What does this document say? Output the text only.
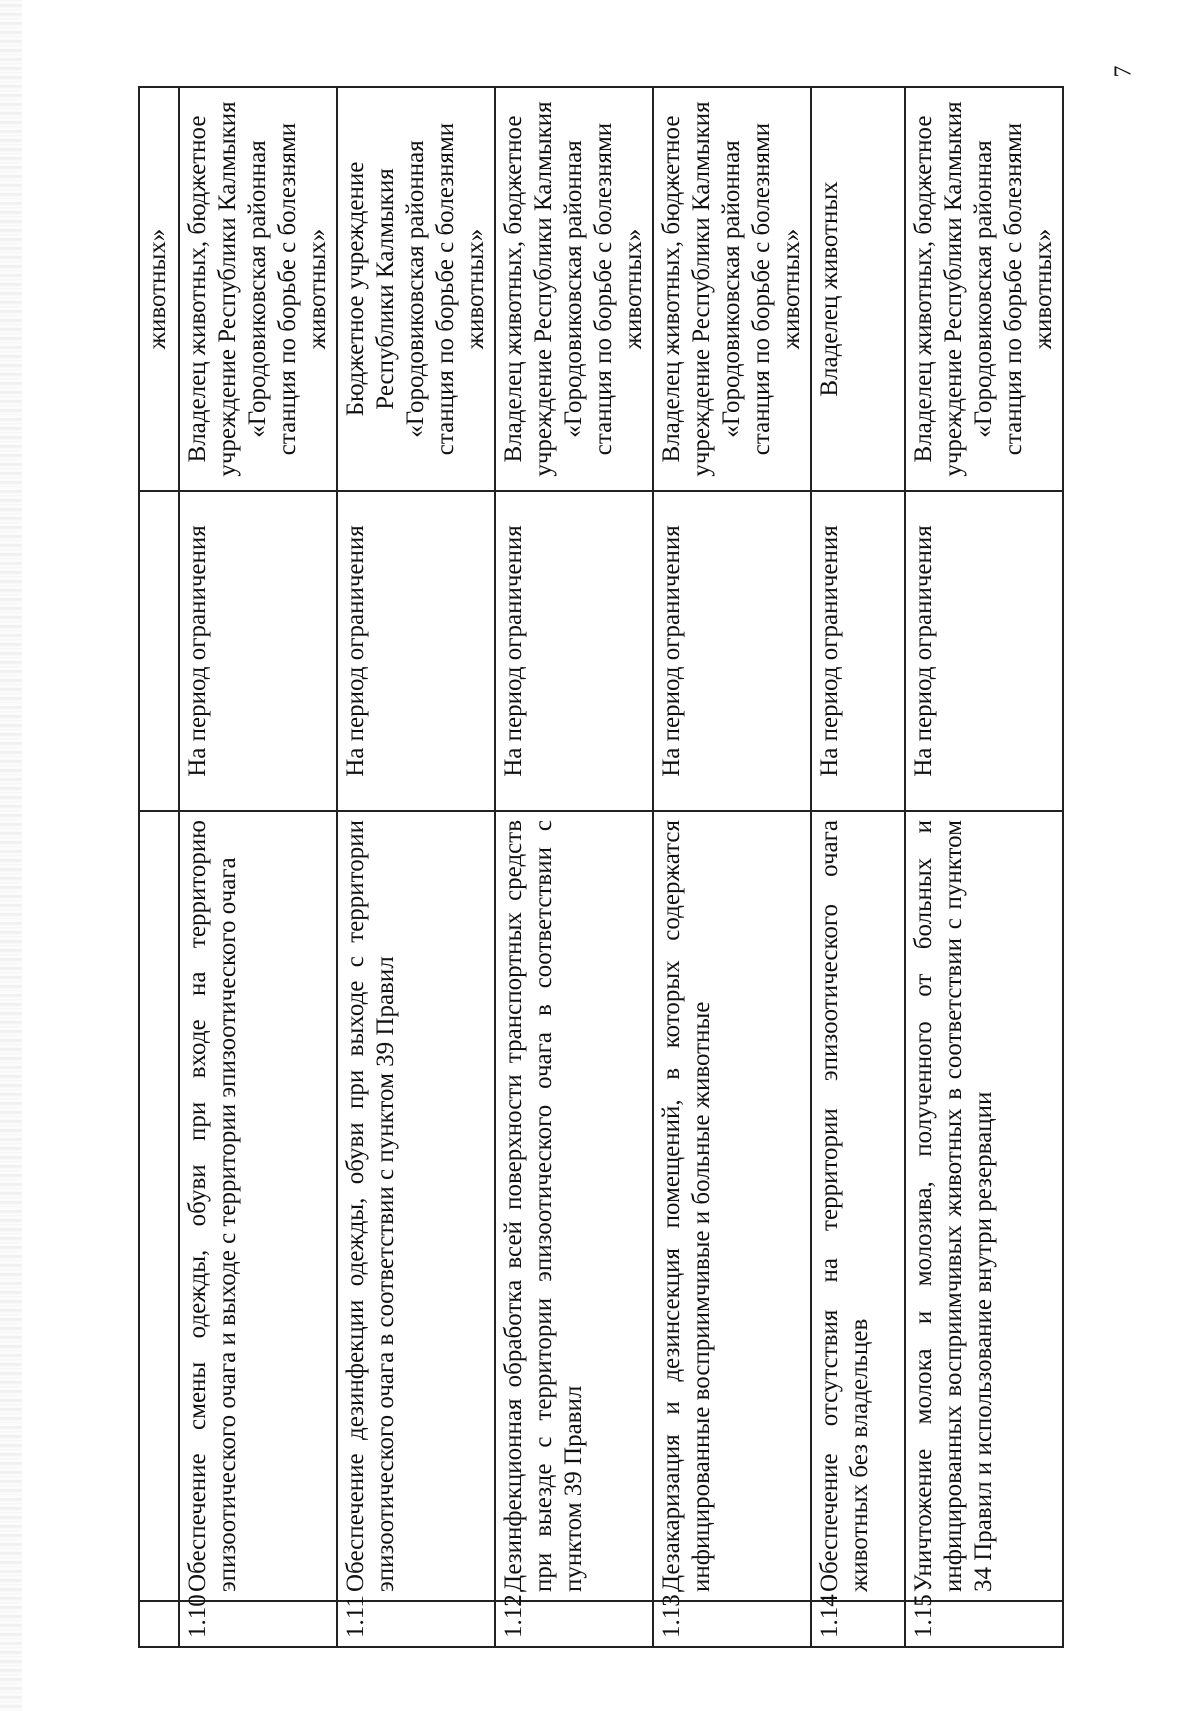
			животных»
1.10	Обеспечение смены одежды, обуви при входе на территорию эпизоотического очага и выходе с территории эпизоотического очага	На период ограничения	Владелец животных, бюджетное учреждение Республики Калмыкия «Городовиковская районная станция по борьбе с болезнями животных»
1.11	Обеспечение дезинфекции одежды, обуви при выходе с территории эпизоотического очага в соответствии с пунктом 39 Правил	На период ограничения	Бюджетное учреждение Республики Калмыкия «Городовиковская районная станция по борьбе с болезнями животных»
1.12	Дезинфекционная обработка всей поверхности транспортных средств при выезде с территории эпизоотического очага в соответствии с пунктом 39 Правил	На период ограничения	Владелец животных, бюджетное учреждение Республики Калмыкия «Городовиковская районная станция по борьбе с болезнями животных»
1.13	Дезакаризация и дезинсекция помещений, в которых содержатся инфицированные восприимчивые и больные животные	На период ограничения	Владелец животных, бюджетное учреждение Республики Калмыкия «Городовиковская районная станция по борьбе с болезнями животных»
1.14	Обеспечение отсутствия на территории эпизоотического очага животных без владельцев	На период ограничения	Владелец животных
1.15	Уничтожение молока и молозива, полученного от больных и инфицированных восприимчивых животных в соответствии с пунктом 34 Правил и использование внутри резервации	На период ограничения	Владелец животных, бюджетное учреждение Республики Калмыкия «Городовиковская районная станция по борьбе с болезнями животных»
7
